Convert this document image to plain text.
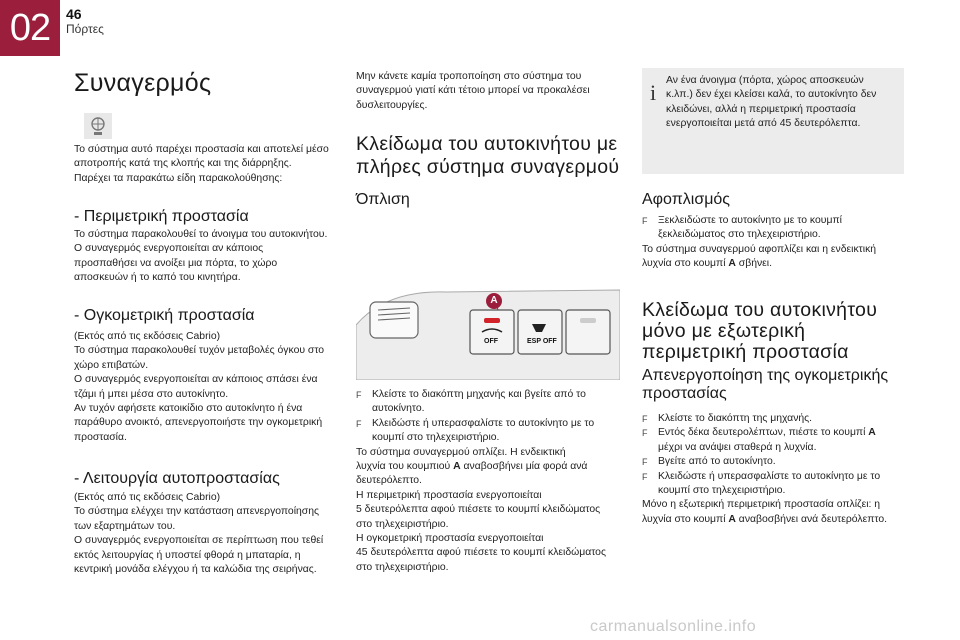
02	46
Πόρτες
Συναγερμός
Το σύστημα αυτό παρέχει προστασία και αποτελεί μέσο
αποτροπής κατά της κλοπής και της διάρρηξης.
Παρέχει τα παρακάτω είδη παρακολούθησης:
- Περιμετρική προστασία
Το σύστημα παρακολουθεί το άνοιγμα του αυτοκινήτου.
Ο συναγερμός ενεργοποιείται αν κάποιος
προσπαθήσει να ανοίξει μια πόρτα, το χώρο
αποσκευών ή το καπό του κινητήρα.
- Ογκομετρική προστασία
(Εκτός από τις εκδόσεις Cabrio)
Το σύστημα παρακολουθεί τυχόν μεταβολές όγκου στο
χώρο επιβατών.
Ο συναγερμός ενεργοποιείται αν κάποιος σπάσει ένα
τζάμι ή μπει μέσα στο αυτοκίνητο.
Αν τυχόν αφήσετε κατοικίδιο στο αυτοκίνητο ή ένα
παράθυρο ανοικτό, απενεργοποιήστε την ογκομετρική
προστασία.
- Λειτουργία αυτοπροστασίας
(Εκτός από τις εκδόσεις Cabrio)
Το σύστημα ελέγχει την κατάσταση απενεργοποίησης
των εξαρτημάτων του.
Ο συναγερμός ενεργοποιείται σε περίπτωση που τεθεί
εκτός λειτουργίας ή υποστεί φθορά η μπαταρία, η
κεντρική μονάδα ελέγχου ή τα καλώδια της σειρήνας.
Μην κάνετε καμία τροποποίηση στο σύστημα του
συναγερμού γιατί κάτι τέτοιο μπορεί να προκαλέσει
δυσλειτουργίες.
Κλείδωμα του αυτοκινήτου με
πλήρες σύστημα συναγερμού
Όπλιση
A
OFF	ESP OFF
F Κλείστε το διακόπτη μηχανής και βγείτε από το
αυτοκίνητο.
F Κλειδώστε ή υπερασφαλίστε το αυτοκίνητο με το
κουμπί στο τηλεχειριστήριο.
Το σύστημα συναγερμού οπλίζει. Η ενδεικτική
λυχνία του κουμπιού A αναβοσβήνει μία φορά ανά
δευτερόλεπτο.
Η περιμετρική προστασία ενεργοποιείται
5 δευτερόλεπτα αφού πιέσετε το κουμπί κλειδώματος
στο τηλεχειριστήριο.
Η ογκομετρική προστασία ενεργοποιείται
45 δευτερόλεπτα αφού πιέσετε το κουμπί κλειδώματος
στο τηλεχειριστήριο.
i Αν ένα άνοιγμα (πόρτα, χώρος αποσκευών
κ.λπ.) δεν έχει κλείσει καλά, το αυτοκίνητο δεν
κλειδώνει, αλλά η περιμετρική προστασία
ενεργοποιείται μετά από 45 δευτερόλεπτα.
Αφοπλισμός
F Ξεκλειδώστε το αυτοκίνητο με το κουμπί
ξεκλειδώματος στο τηλεχειριστήριο.
Το σύστημα συναγερμού αφοπλίζει και η ενδεικτική
λυχνία στο κουμπί A σβήνει.
Κλείδωμα του αυτοκινήτου
μόνο με εξωτερική
περιμετρική προστασία
Απενεργοποίηση της ογκομετρικής
προστασίας
F Κλείστε το διακόπτη της μηχανής.
F Εντός δέκα δευτερολέπτων, πιέστε το κουμπί A
μέχρι να ανάψει σταθερά η λυχνία.
F Βγείτε από το αυτοκίνητο.
F Κλειδώστε ή υπερασφαλίστε το αυτοκίνητο με το
κουμπί στο τηλεχειριστήριο.
Μόνο η εξωτερική περιμετρική προστασία οπλίζει: η
λυχνία στο κουμπί A αναβοσβήνει ανά δευτερόλεπτο.
carmanualsonline.info
